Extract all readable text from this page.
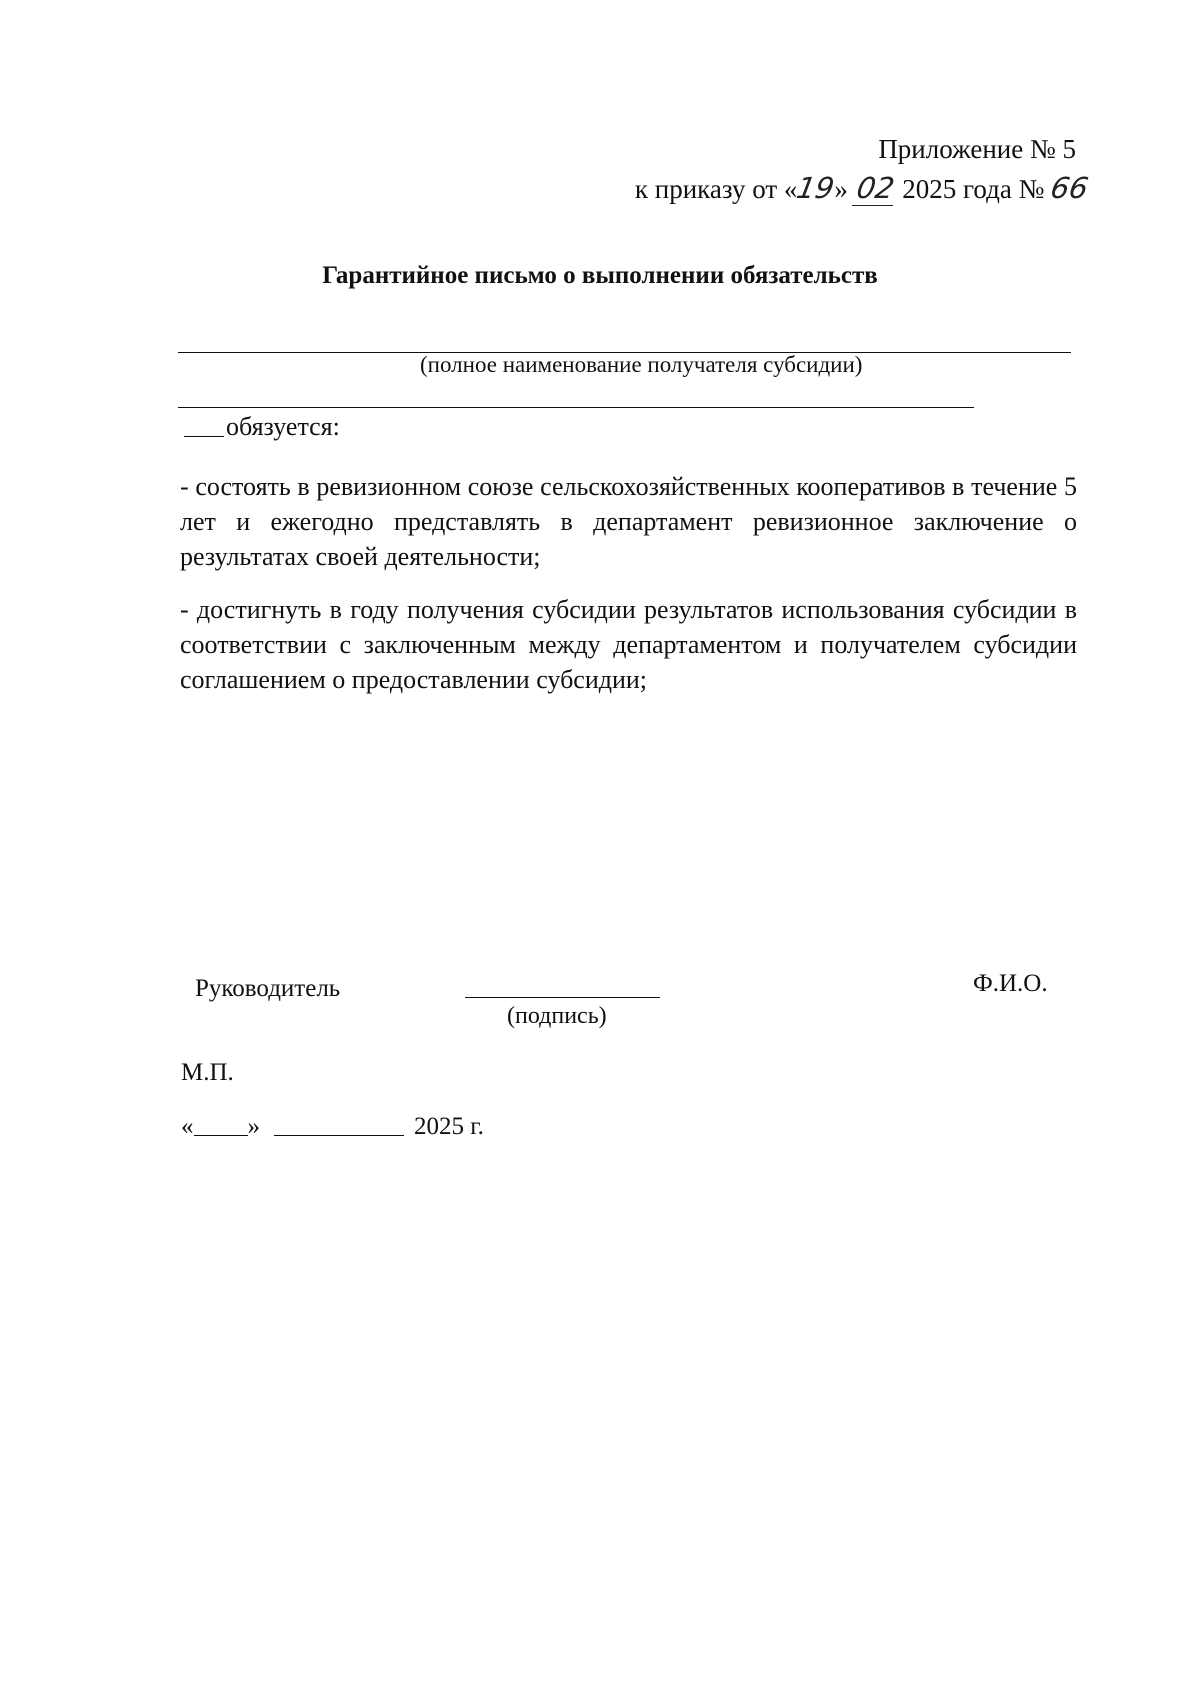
Приложение № 5
к приказу от «19» 02 2025 года № 66
Гарантийное письмо о выполнении обязательств
(полное наименование получателя субсидии)
обязуется:
- состоять в ревизионном союзе сельскохозяйственных кооперативов в течение 5 лет и ежегодно представлять в департамент ревизионное заключение о результатах своей деятельности;
- достигнуть в году получения субсидии результатов использования субсидии в соответствии с заключенным между департаментом и получателем субсидии соглашением о предоставлении субсидии;
Руководитель
(подпись)
Ф.И.О.
М.П.
« »	2025 г.
